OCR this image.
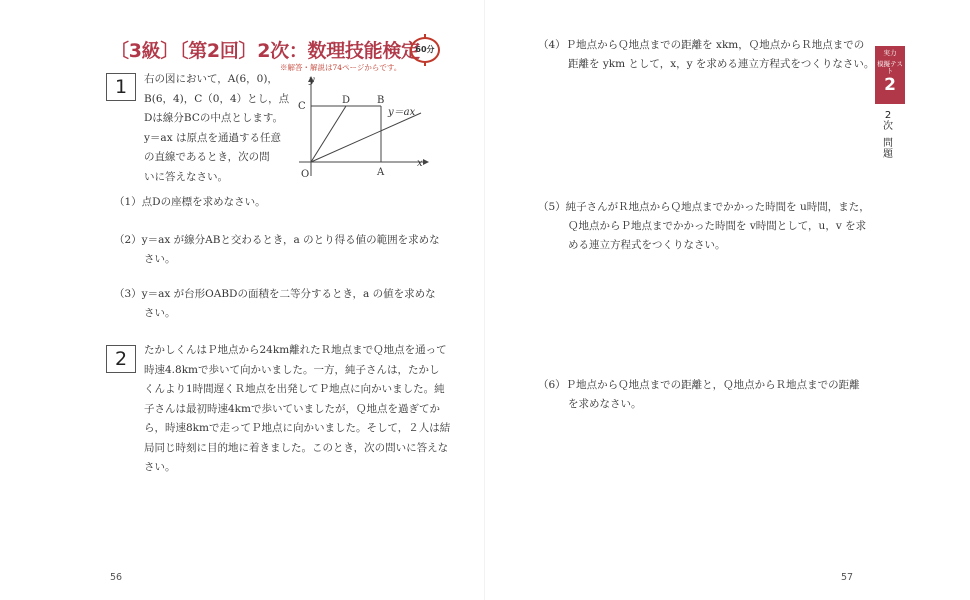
〔3級〕〔第2回〕2次：数理技能検定
60分
※解答・解説は74ページからです。
1	右の図において，A(6，0)，
B(6，4)，C（0，4）とし，点
Dは線分BCの中点とします。
y＝ax は原点を通過する任意
の直線であるとき，次の問
いに答えなさい。
y
x
C
D	B
O	A
y＝ax
（1）点Dの座標を求めなさい。
（2）y＝ax が線分ABと交わるとき，a のとり得る値の範囲を求めな
さい。
（3）y＝ax が台形OABDの面積を二等分するとき，a の値を求めな
さい。
2	たかしくんはＰ地点から24km離れたＲ地点までＱ地点を通って
時速4.8kmで歩いて向かいました。一方，純子さんは，たかし
くんより1時間遅くＲ地点を出発してＰ地点に向かいました。純
子さんは最初時速4kmで歩いていましたが，Ｑ地点を過ぎてか
ら，時速8kmで走ってＰ地点に向かいました。そして，２人は結
局同じ時刻に目的地に着きました。このとき，次の問いに答えな
さい。
56
（4）Ｐ地点からＱ地点までの距離を xkm，Ｑ地点からＲ地点までの
距離を ykm として，x，y を求める連立方程式をつくりなさい。
（5）純子さんがＲ地点からＱ地点までかかった時間を u時間，また，
Ｑ地点からＰ地点までかかった時間を v時間として，u，v を求
める連立方程式をつくりなさい。
（6）Ｐ地点からＱ地点までの距離と，Ｑ地点からＲ地点までの距離
を求めなさい。
57
実力
模擬テスト
2
2
次
問
題
